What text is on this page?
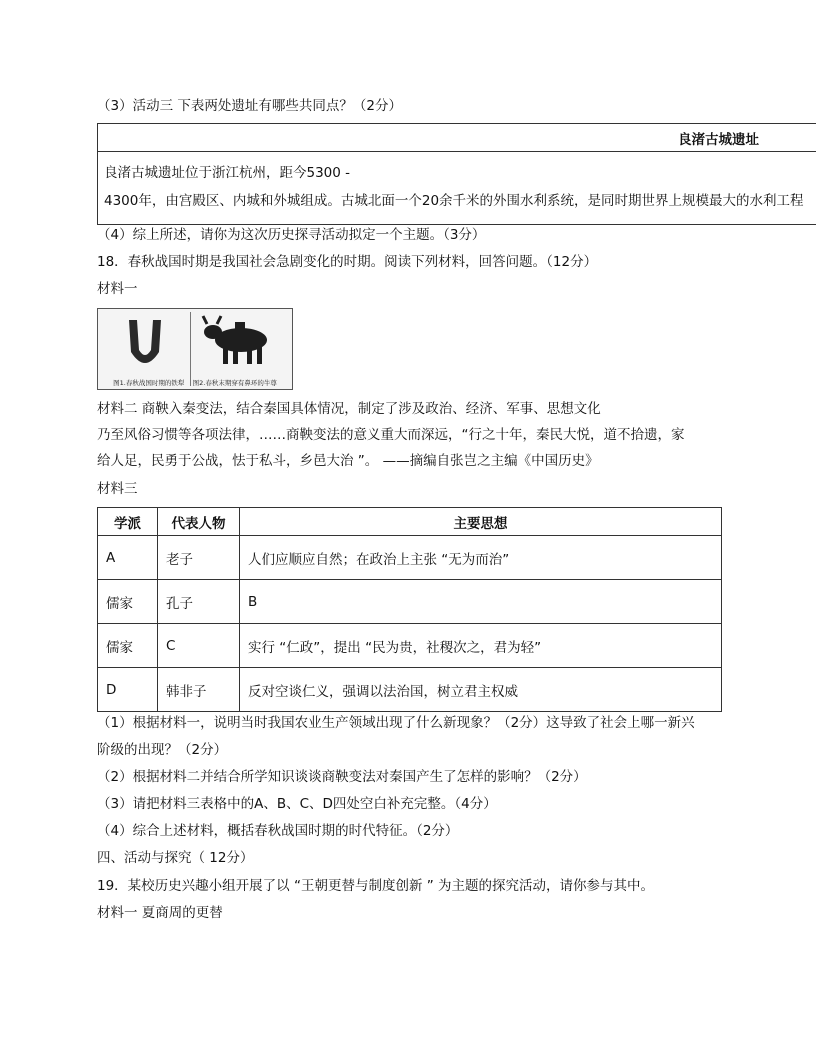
（3）活动三 下表两处遗址有哪些共同点？（2分）
良渚古城遗址
良渚古城遗址位于浙江杭州，距今5300 -
4300年，由宫殿区、内城和外城组成。古城北面一个20余千米的外围水利系统，是同时期世界上规模最大的水利工程
（4）综上所述，请你为这次历史探寻活动拟定一个主题。（3分）
18．春秋战国时期是我国社会急剧变化的时期。阅读下列材料，回答问题。（12分）
材料一
图1.春秋战国时期的铁犁 图2.春秋末期穿有鼻环的牛尊
材料二 商鞅入秦变法，结合秦国具体情况，制定了涉及政治、经济、军事、思想文化
乃至风俗习惯等各项法律，……商鞅变法的意义重大而深远，“行之十年，秦民大悦，道不拾遗，家
给人足，民勇于公战，怯于私斗，乡邑大治 ”。 ——摘编自张岂之主编《中国历史》
材料三
学派	代表人物	主要思想
A	老子	人们应顺应自然；在政治上主张 “无为而治”
儒家	孔子	B
儒家	C	实行 “仁政”，提出 “民为贵，社稷次之，君为轻”
D	韩非子	反对空谈仁义，强调以法治国，树立君主权威
（1）根据材料一，说明当时我国农业生产领域出现了什么新现象？（2分）这导致了社会上哪一新兴
阶级的出现？（2分）
（2）根据材料二并结合所学知识谈谈商鞅变法对秦国产生了怎样的影响？（2分）
（3）请把材料三表格中的A、B、C、D四处空白补充完整。（4分）
（4）综合上述材料，概括春秋战国时期的时代特征。（2分）
四、活动与探究（ 12分）
19．某校历史兴趣小组开展了以 “王朝更替与制度创新 ” 为主题的探究活动，请你参与其中。
材料一 夏商周的更替
